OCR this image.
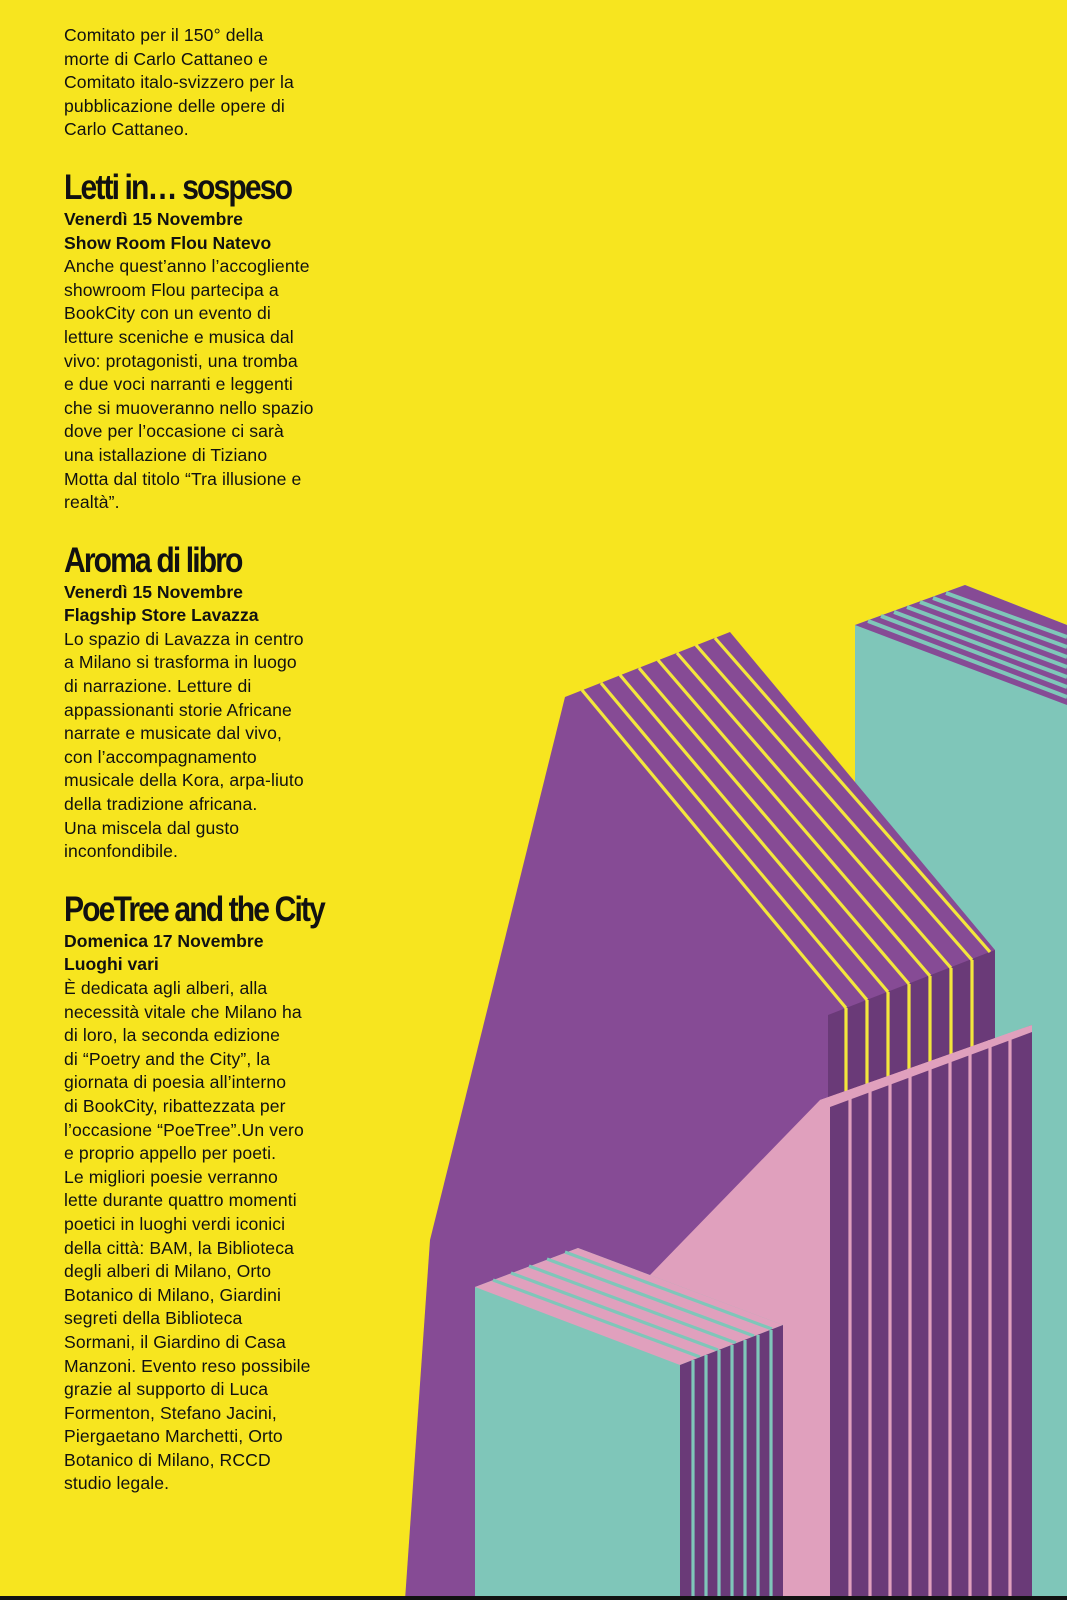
Comitato per il 150° della
morte di Carlo Cattaneo e
Comitato italo-svizzero per la
pubblicazione delle opere di
Carlo Cattaneo.

Letti in… sospeso

Venerdì 15 Novembre

Show Room Flou Natevo

Anche quest’anno l’accogliente
showroom Flou partecipa a
BookCity con un evento di
letture sceniche e musica dal
vivo: protagonisti, una tromba
e due voci narranti e leggenti
che si muoveranno nello spazio
dove per l’occasione ci sarà
una istallazione di Tiziano
Motta dal titolo “Tra illusione e
realtà”.

Aroma di libro

Venerdì 15 Novembre

Flagship Store Lavazza

Lo spazio di Lavazza in centro
a Milano si trasforma in luogo
di narrazione. Letture di
appassionanti storie Africane
narrate e musicate dal vivo,
con l’accompagnamento
musicale della Kora, arpa-liuto
della tradizione africana.
Una miscela dal gusto
inconfondibile.

PoeTree and the City

Domenica 17 Novembre

Luoghi vari

È dedicata agli alberi, alla
necessità vitale che Milano ha
di loro, la seconda edizione
di “Poetry and the City”, la
giornata di poesia all’interno
di BookCity, ribattezzata per
l’occasione “PoeTree”.Un vero
e proprio appello per poeti.
Le migliori poesie verranno
lette durante quattro momenti
poetici in luoghi verdi iconici
della città: BAM, la Biblioteca
degli alberi di Milano, Orto
Botanico di Milano, Giardini
segreti della Biblioteca
Sormani, il Giardino di Casa
Manzoni. Evento reso possibile
grazie al supporto di Luca
Formenton, Stefano Jacini,
Piergaetano Marchetti, Orto
Botanico di Milano, RCCD
studio legale.
